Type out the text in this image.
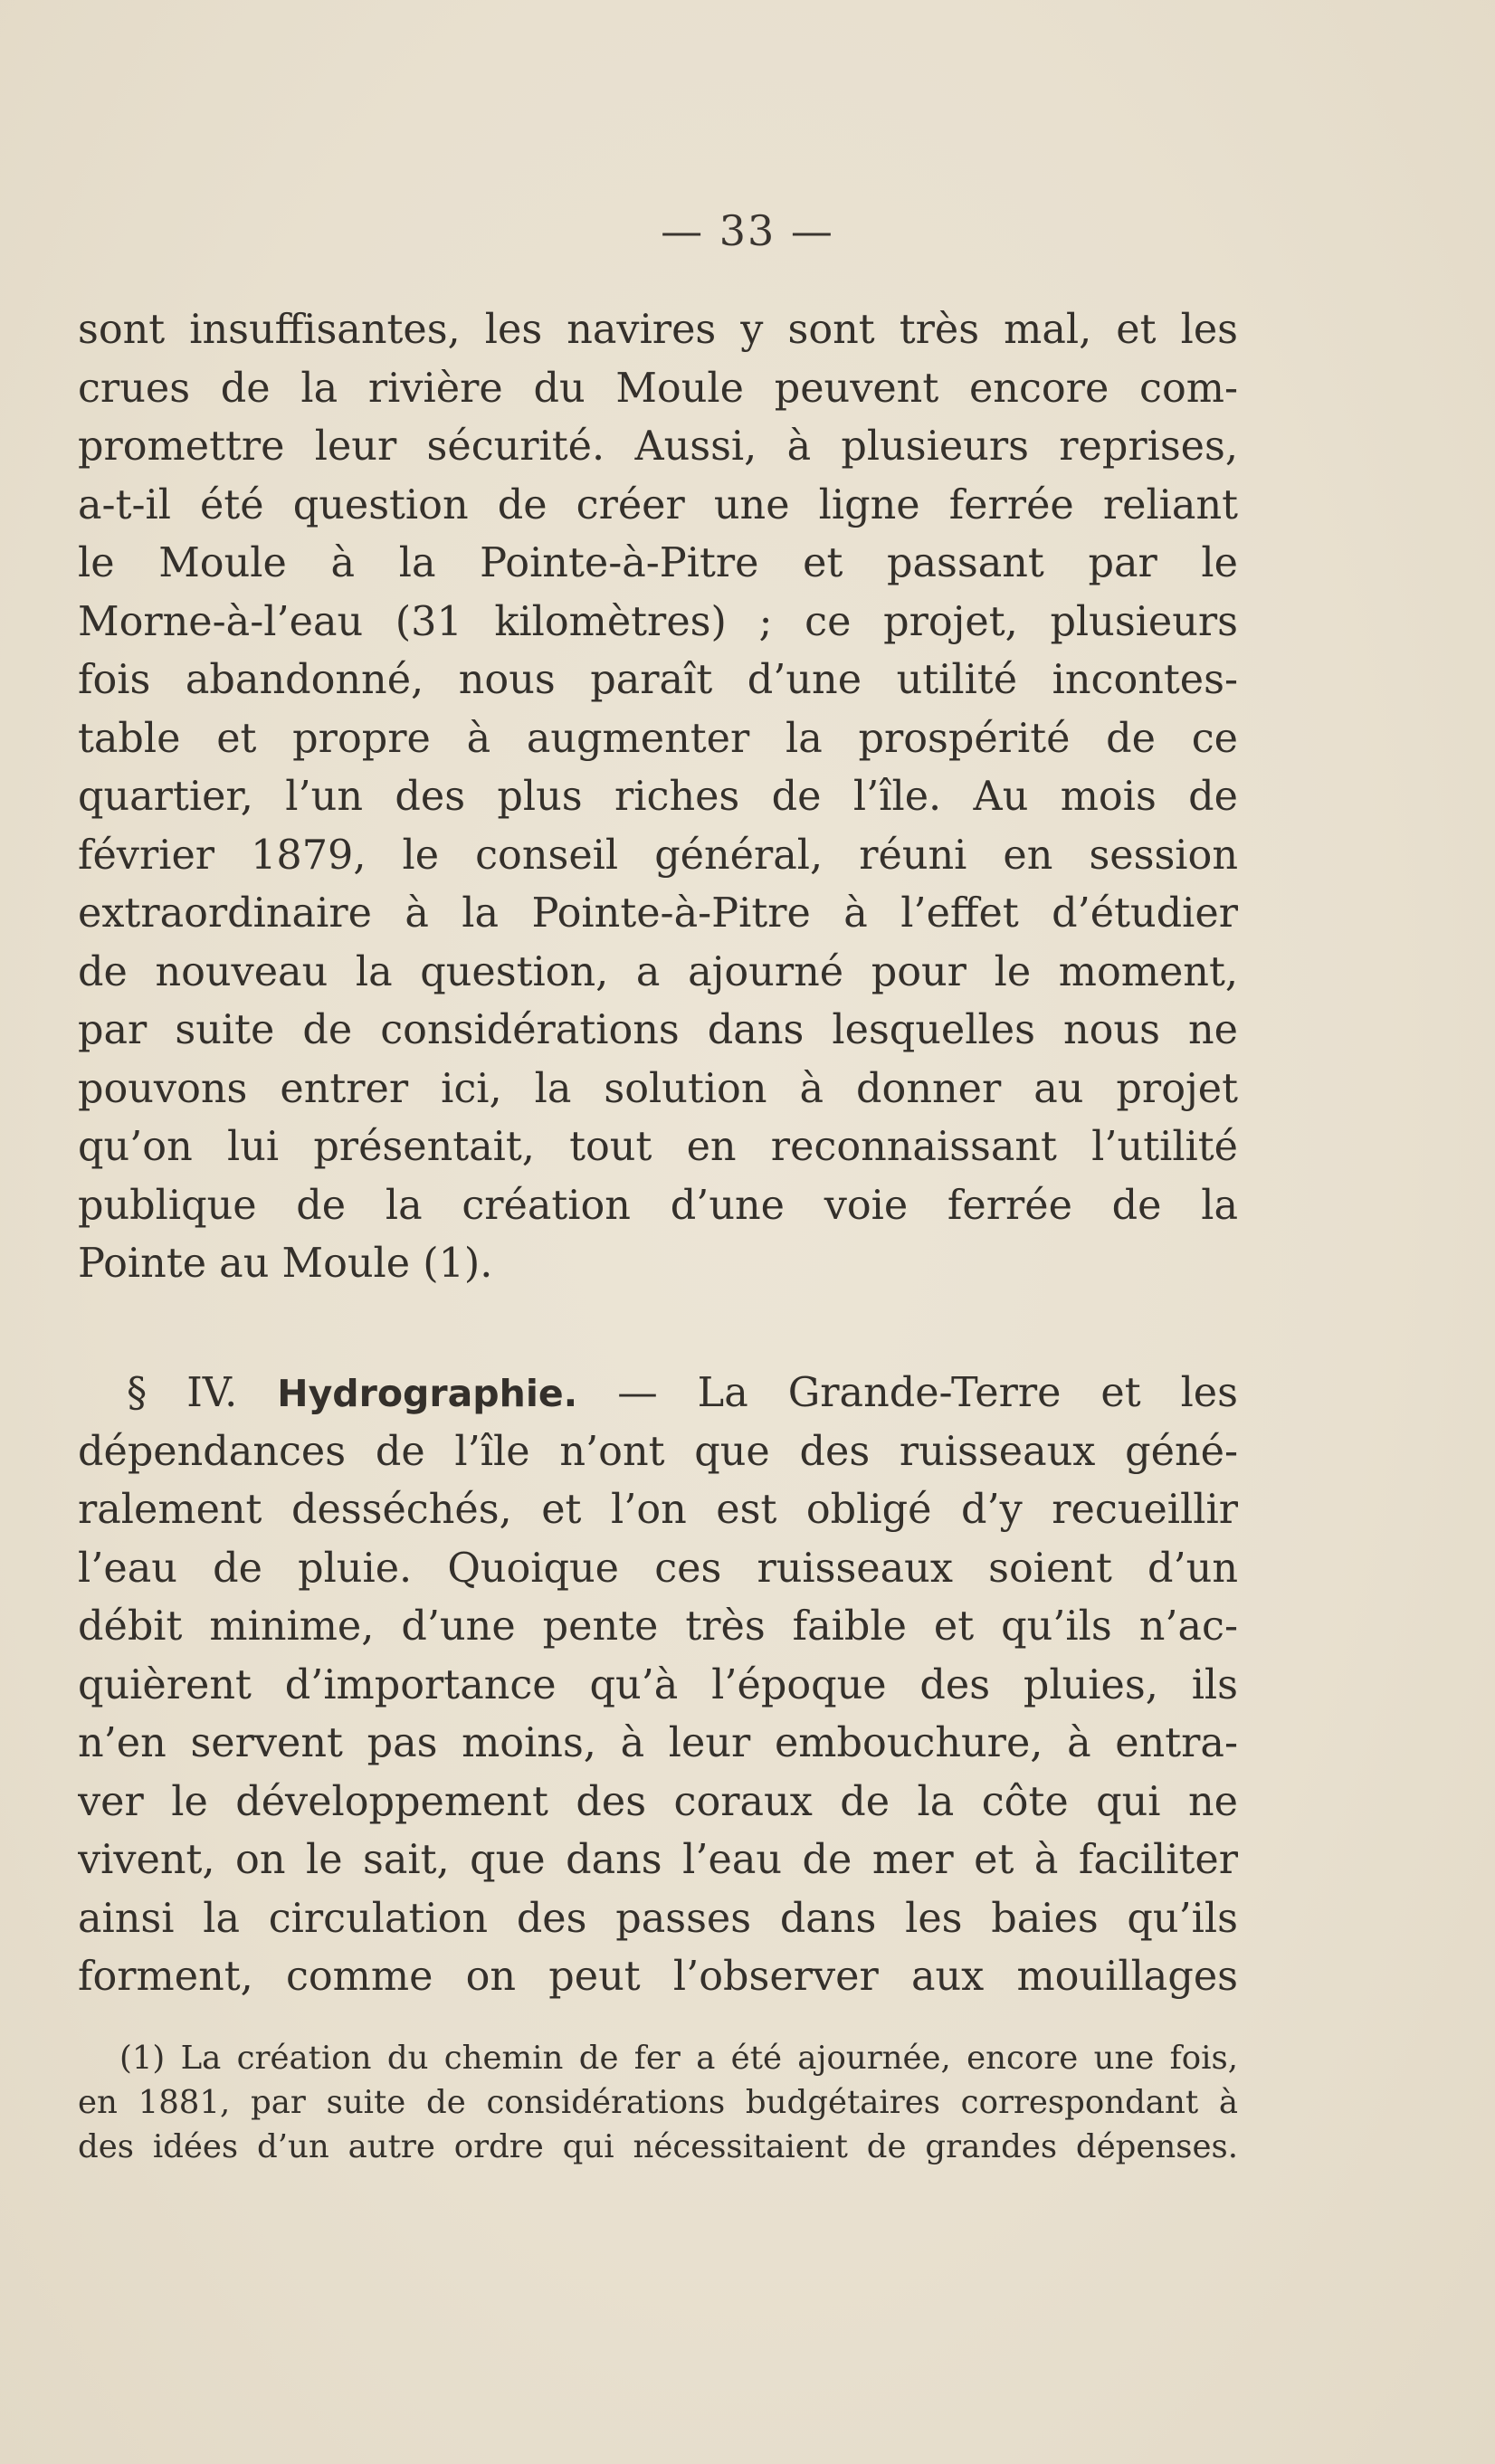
— 33 —
sont insuffisantes, les navires y sont très mal, et les
crues de la rivière du Moule peuvent encore com-
promettre leur sécurité. Aussi, à plusieurs reprises,
a-t-il été question de créer une ligne ferrée reliant
le Moule à la Pointe-à-Pitre et passant par le
Morne-à-l’eau (31 kilomètres) ; ce projet, plusieurs
fois abandonné, nous paraît d’une utilité incontes-
table et propre à augmenter la prospérité de ce
quartier, l’un des plus riches de l’île. Au mois de
février 1879, le conseil général, réuni en session
extraordinaire à la Pointe-à-Pitre à l’effet d’étudier
de nouveau la question, a ajourné pour le moment,
par suite de considérations dans lesquelles nous ne
pouvons entrer ici, la solution à donner au projet
qu’on lui présentait, tout en reconnaissant l’utilité
publique de la création d’une voie ferrée de la
Pointe au Moule (1).
§ IV. Hydrographie. — La Grande-Terre et les
dépendances de l’île n’ont que des ruisseaux géné-
ralement desséchés, et l’on est obligé d’y recueillir
l’eau de pluie. Quoique ces ruisseaux soient d’un
débit minime, d’une pente très faible et qu’ils n’ac-
quièrent d’importance qu’à l’époque des pluies, ils
n’en servent pas moins, à leur embouchure, à entra-
ver le développement des coraux de la côte qui ne
vivent, on le sait, que dans l’eau de mer et à faciliter
ainsi la circulation des passes dans les baies qu’ils
forment, comme on peut l’observer aux mouillages
(1) La création du chemin de fer a été ajournée, encore une fois,
en 1881, par suite de considérations budgétaires correspondant à
des idées d’un autre ordre qui nécessitaient de grandes dépenses.
